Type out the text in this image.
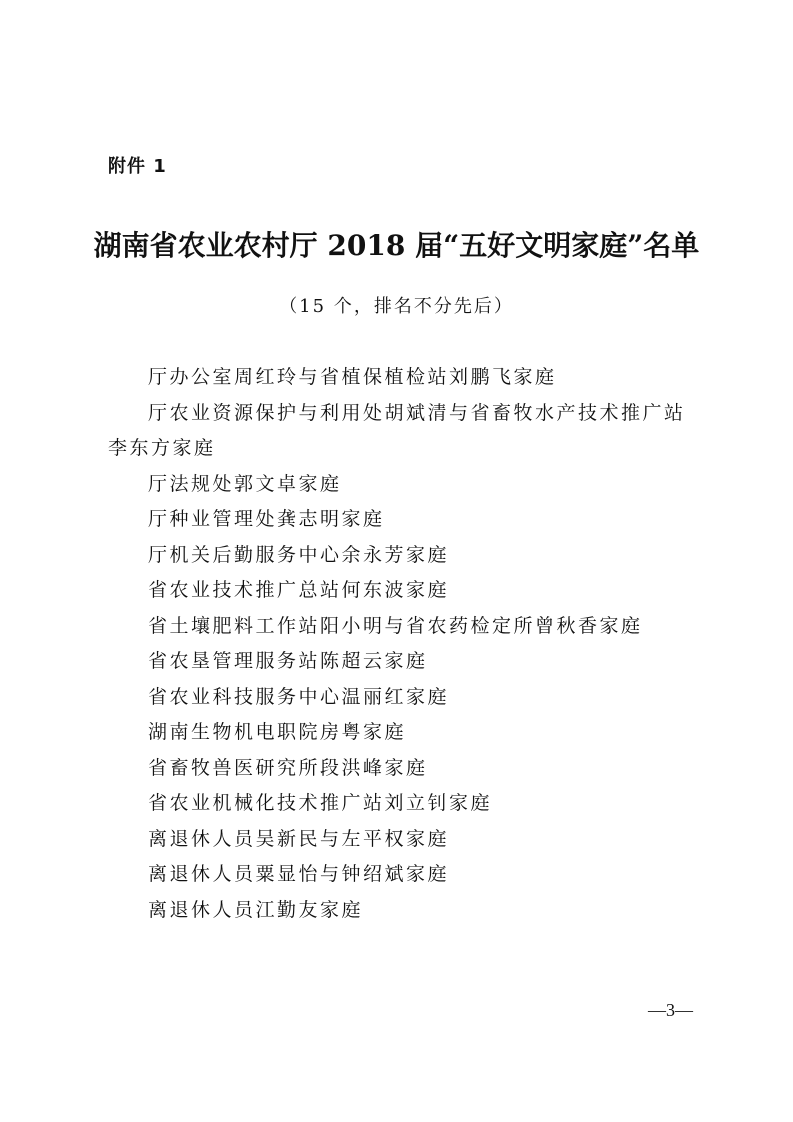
附件 1
湖南省农业农村厅 2018 届“五好文明家庭”名单
（15 个，排名不分先后）
厅办公室周红玲与省植保植检站刘鹏飞家庭
厅农业资源保护与利用处胡斌清与省畜牧水产技术推广站李东方家庭
厅法规处郭文卓家庭
厅种业管理处龚志明家庭
厅机关后勤服务中心余永芳家庭
省农业技术推广总站何东波家庭
省土壤肥料工作站阳小明与省农药检定所曾秋香家庭
省农垦管理服务站陈超云家庭
省农业科技服务中心温丽红家庭
湖南生物机电职院房粤家庭
省畜牧兽医研究所段洪峰家庭
省农业机械化技术推广站刘立钊家庭
离退休人员吴新民与左平权家庭
离退休人员粟显怡与钟绍斌家庭
离退休人员江勤友家庭
—3—
